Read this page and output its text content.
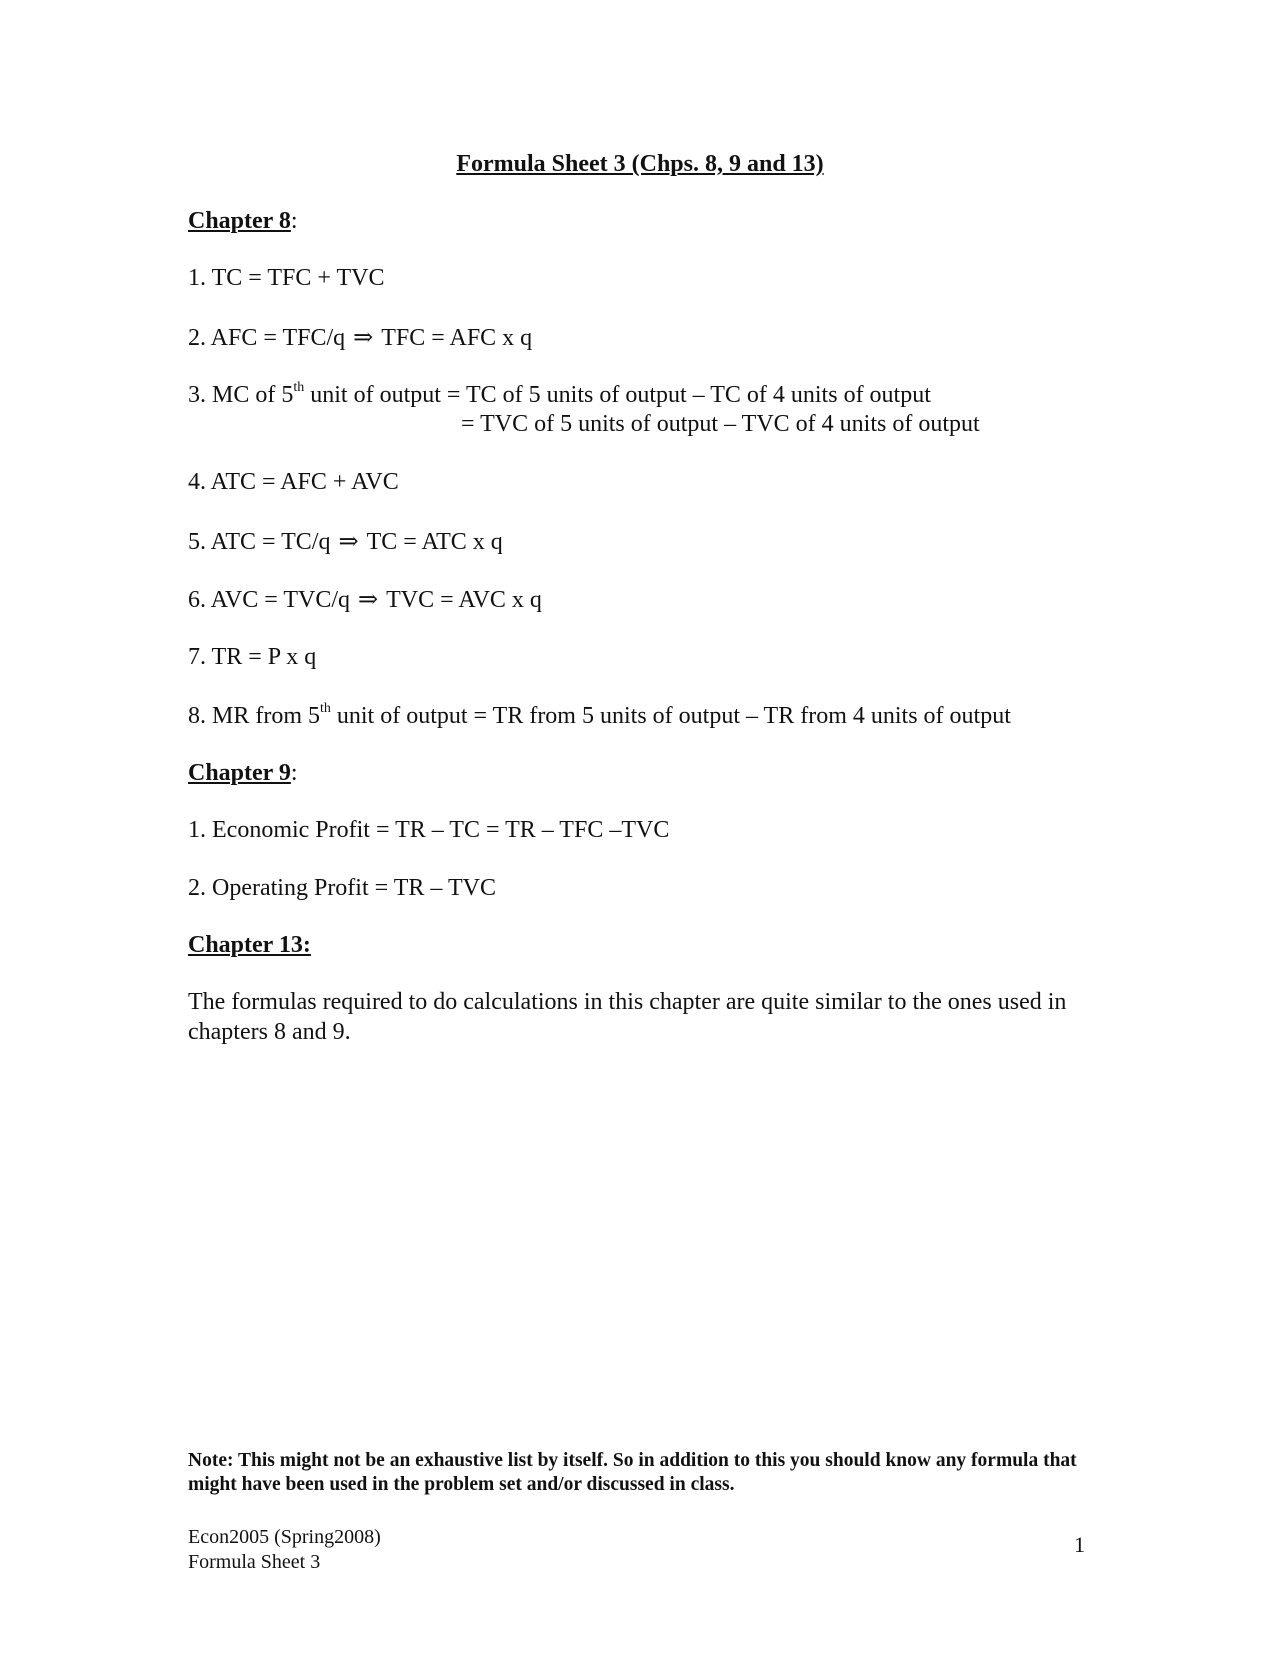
Formula Sheet 3 (Chps. 8, 9 and 13)
Chapter 8:
1. TC = TFC + TVC
2. AFC = TFC/q ⇒ TFC = AFC x q
3. MC of 5th unit of output = TC of 5 units of output – TC of 4 units of output
= TVC of 5 units of output – TVC of 4 units of output
4. ATC = AFC + AVC
5. ATC = TC/q ⇒ TC = ATC x q
6. AVC = TVC/q ⇒ TVC = AVC x q
7. TR = P x q
8. MR from 5th unit of output = TR from 5 units of output – TR from 4 units of output
Chapter 9:
1. Economic Profit = TR – TC = TR – TFC –TVC
2. Operating Profit = TR – TVC
Chapter 13:
The formulas required to do calculations in this chapter are quite similar to the ones used in chapters 8 and 9.
Note: This might not be an exhaustive list by itself. So in addition to this you should know any formula that might have been used in the problem set and/or discussed in class.
Econ2005 (Spring2008)
Formula Sheet 3
1
